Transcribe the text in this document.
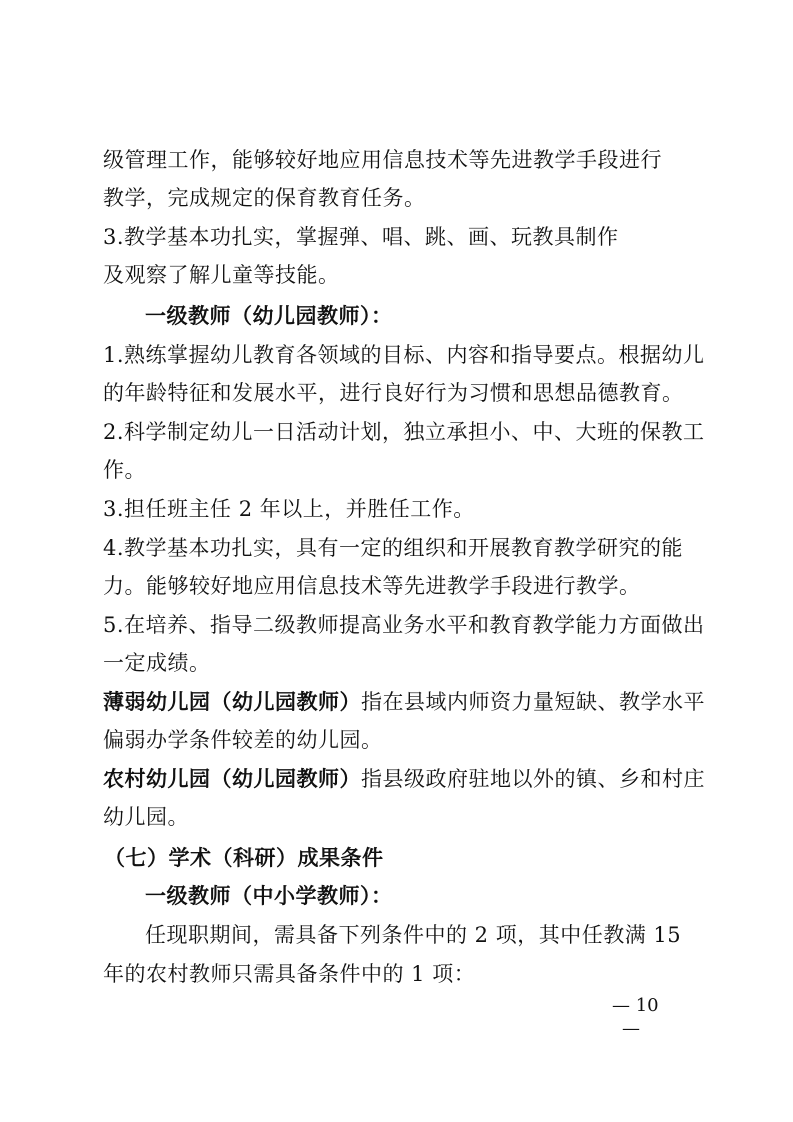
级管理工作，能够较好地应用信息技术等先进教学手段进行
教学，完成规定的保育教育任务。
3.教学基本功扎实，掌握弹、唱、跳、画、玩教具制作
及观察了解儿童等技能。
一级教师（幼儿园教师）：
1.熟练掌握幼儿教育各领域的目标、内容和指导要点。根据幼儿
的年龄特征和发展水平，进行良好行为习惯和思想品德教育。
2.科学制定幼儿一日活动计划，独立承担小、中、大班的保教工
作。
3.担任班主任 2 年以上，并胜任工作。
4.教学基本功扎实，具有一定的组织和开展教育教学研究的能
力。能够较好地应用信息技术等先进教学手段进行教学。
5.在培养、指导二级教师提高业务水平和教育教学能力方面做出
一定成绩。
薄弱幼儿园（幼儿园教师）指在县域内师资力量短缺、教学水平
偏弱办学条件较差的幼儿园。
农村幼儿园（幼儿园教师）指县级政府驻地以外的镇、乡和村庄
幼儿园。
（七）学术（科研）成果条件
一级教师（中小学教师）：
任现职期间，需具备下列条件中的 2 项，其中任教满 15
年的农村教师只需具备条件中的 1 项：
— 10
—
